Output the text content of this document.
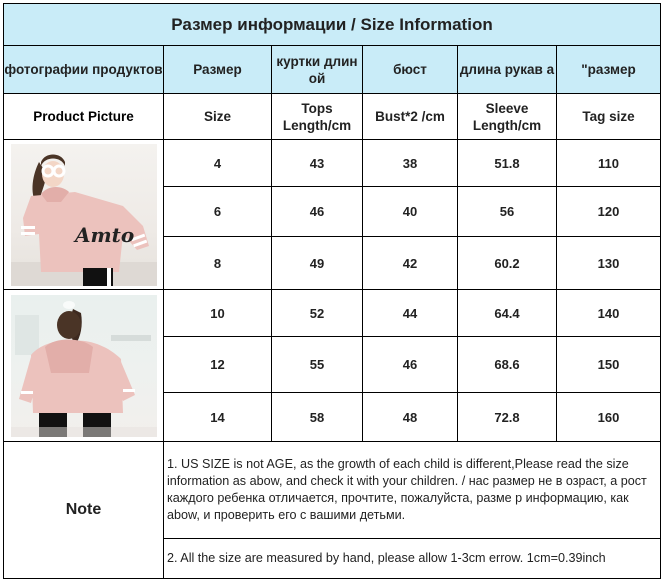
Размер информации / Size Information					
фотографии продуктов	Размер	куртки длин ой	бюст	длина рукав а	"размер
Product Picture	Size	Tops Length/cm	Bust*2 /cm	Sleeve Length/cm	Tag size

Amto	4	43	38	51.8	110
	6	46	40	56	120
	8	49	42	60.2	130

	10	52	44	64.4	140
	12	55	46	68.6	150
	14	58	48	72.8	160
Note	1. US SIZE is not AGE, as the growth of each child is different,Please read the size information as abow, and check it with your children. / нас размер не в озраст, а рост каждого ребенка отличается, прочтите, пожалуйста, разме р информацию, как abow, и проверить его с вашими детьми.				
	2. All the size are measured by hand, please allow 1-3cm errow. 1cm=0.39inch				
